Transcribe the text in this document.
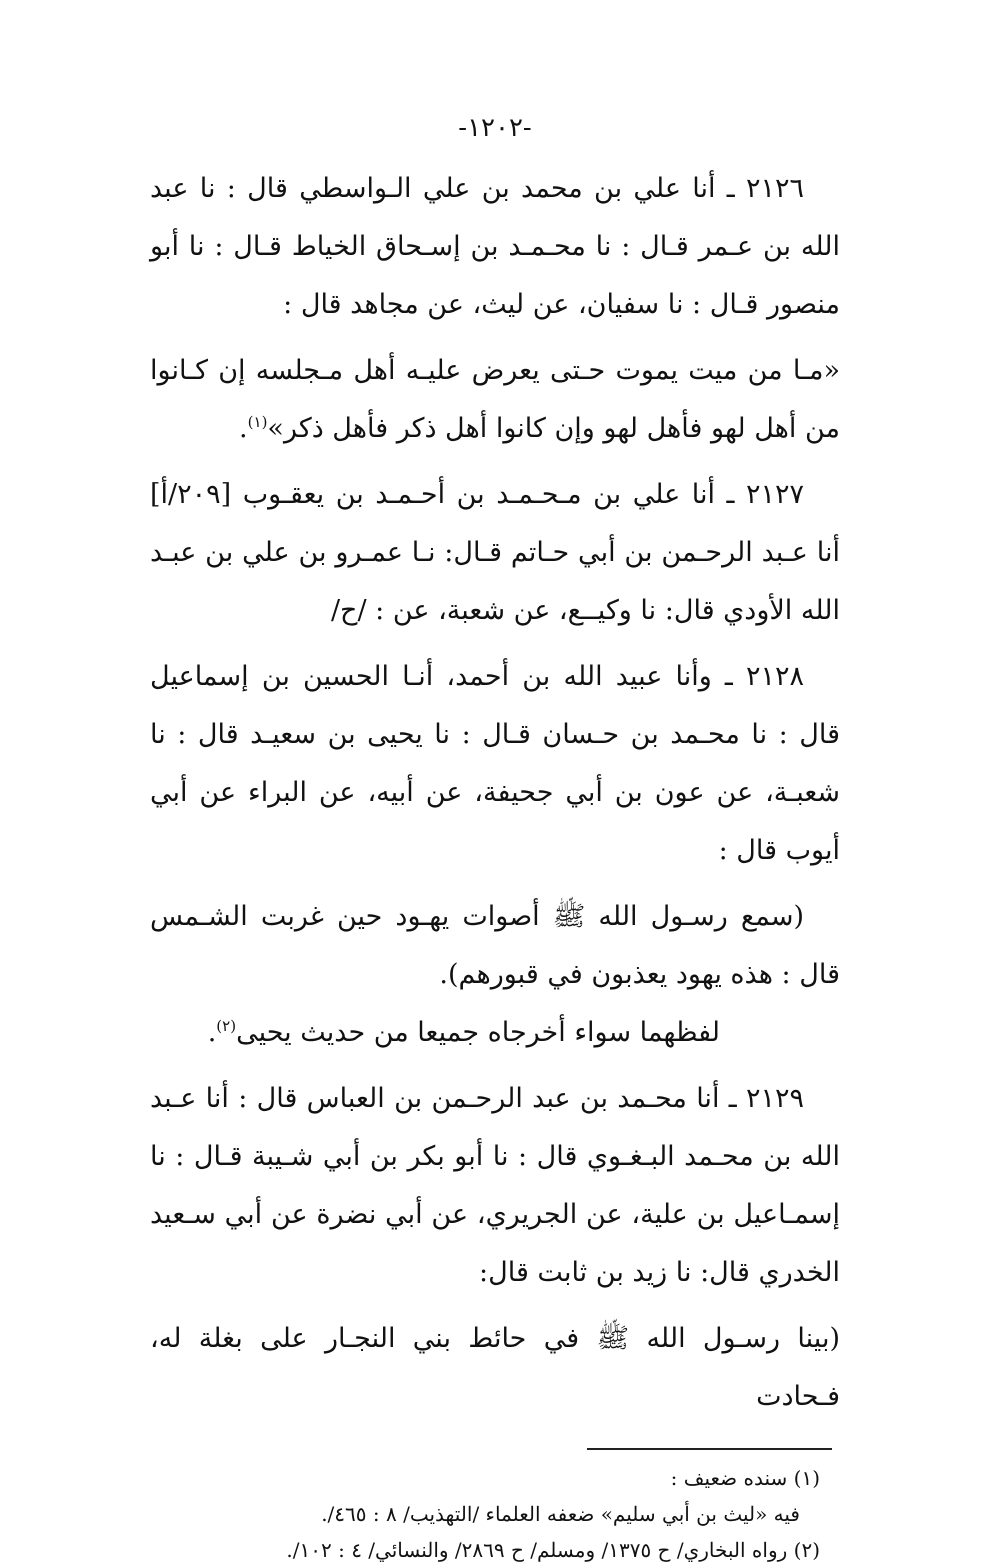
-١٢٠٢-

٢١٢٦ ـ أنا علي بن محمد بن علي الـواسطي قال : نا عبد الله بن عـمر قـال : نا محـمـد بن إسـحاق الخياط قـال : نا أبو منصور قـال : نا سفيان، عن ليث، عن مجاهد قال :

«مـا من ميت يموت حـتى يعرض عليـه أهل مـجلسه إن كـانوا من أهل لهو فأهل لهو وإن كانوا أهل ذكر فأهل ذكر»$^{(١)}$.

٢١٢٧ ـ أنا علي بن مـحـمـد بن أحـمـد بن يعقـوب [٢٠٩/أ] أنا عـبد الرحـمن بن أبي حـاتم قـال: نـا عمـرو بن علي بن عبـد الله الأودي قال: نا وكيــع، عن شعبة، عن : /ح/

٢١٢٨ ـ وأنا عبيد الله بن أحمد، أنـا الحسين بن إسماعيل قال : نا محـمد بن حـسان قـال : نا يحيى بن سعيـد قال : نا شعبـة، عن عون بن أبي جحيفة، عن أبيه، عن البراء عن أبي أيوب قال :

(سمع رسـول الله ﷺ أصوات يهـود حين غربت الشـمس قال : هذه يهود يعذبون في قبورهم).

لفظهما سواء أخرجاه جميعا من حديث يحيى$^{(٢)}$.

٢١٢٩ ـ أنا محـمد بن عبد الرحـمن بن العباس قال : أنا عـبد الله بن محـمد البـغـوي قال : نا أبو بكر بن أبي شـيبة قـال : نا إسمـاعيل بن علية، عن الجريري، عن أبي نضرة عن أبي سـعيد الخدري قال: نا زيد بن ثابت قال:

(بينا رسـول الله ﷺ في حائط بني النجـار على بغلة له، فـحادت

(١) سنده ضعيف :

فيه «ليث بن أبي سليم» ضعفه العلماء /التهذيب/ ٨ : ٤٦٥/.

(٢) رواه البخاري/ ح ١٣٧٥/ ومسلم/ ح ٢٨٦٩/ والنسائي/ ٤ : ١٠٢/.
